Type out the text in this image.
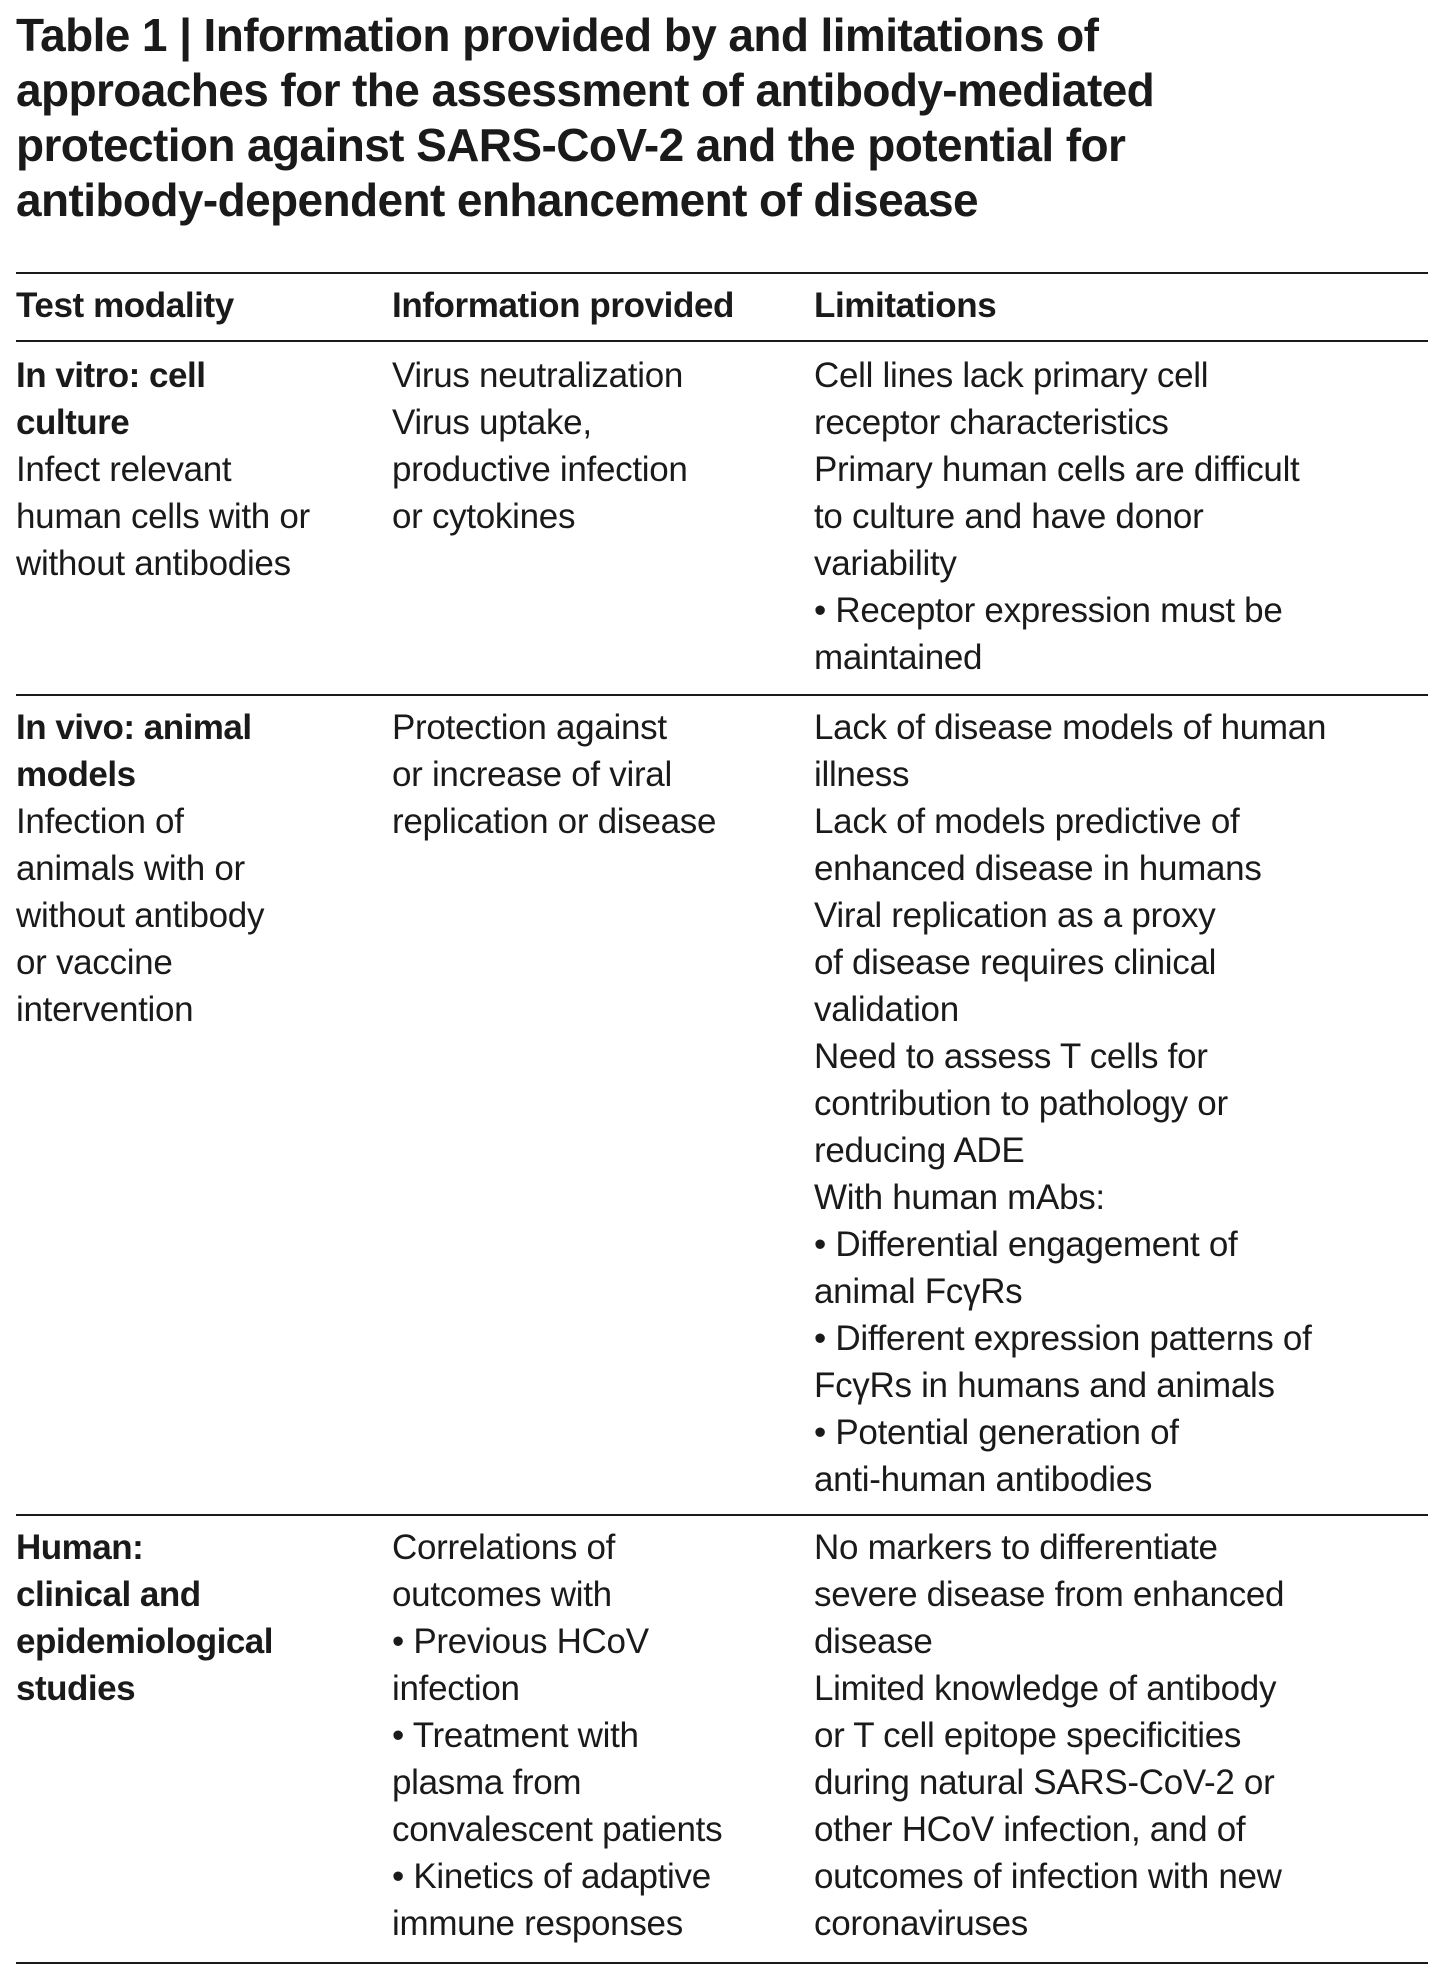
Table 1 | Information provided by and limitations of
approaches for the assessment of antibody-mediated
protection against SARS-CoV-2 and the potential for
antibody-dependent enhancement of disease
Test modality	Information provided	Limitations
In vitro: cell
culture
Infect relevant
human cells with or
without antibodies
Virus neutralization
Virus uptake,
productive infection
or cytokines
Cell lines lack primary cell
receptor characteristics
Primary human cells are difficult
to culture and have donor
variability
• Receptor expression must be
maintained
In vivo: animal
models
Infection of
animals with or
without antibody
or vaccine
intervention
Protection against
or increase of viral
replication or disease
Lack of disease models of human
illness
Lack of models predictive of
enhanced disease in humans
Viral replication as a proxy
of disease requires clinical
validation
Need to assess T cells for
contribution to pathology or
reducing ADE
With human mAbs:
• Differential engagement of
animal FcγRs
• Different expression patterns of
FcγRs in humans and animals
• Potential generation of
anti-human antibodies
Human:
clinical and
epidemiological
studies
Correlations of
outcomes with
• Previous HCoV
infection
• Treatment with
plasma from
convalescent patients
• Kinetics of adaptive
immune responses
No markers to differentiate
severe disease from enhanced
disease
Limited knowledge of antibody
or T cell epitope specificities
during natural SARS-CoV-2 or
other HCoV infection, and of
outcomes of infection with new
coronaviruses
